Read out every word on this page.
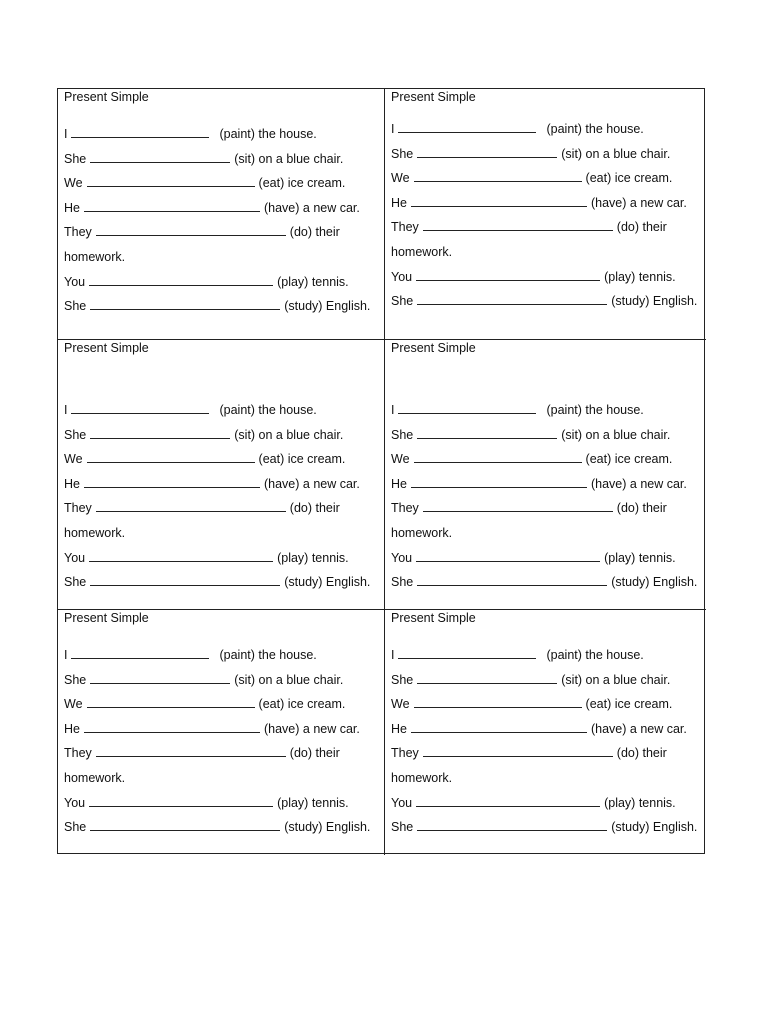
Present Simple
I	(paint) the house.
She	(sit) on a blue chair.
We	(eat) ice cream.
He	(have) a new car.
They	(do) their homework.
You	(play) tennis.
She	(study) English.
Present Simple
I	(paint) the house.
She	(sit) on a blue chair.
We	(eat) ice cream.
He	(have) a new car.
They	(do) their homework.
You	(play) tennis.
She	(study) English.
Present Simple
I	(paint) the house.
She	(sit) on a blue chair.
We	(eat) ice cream.
He	(have) a new car.
They	(do) their homework.
You	(play) tennis.
She	(study) English.
Present Simple
I	(paint) the house.
She	(sit) on a blue chair.
We	(eat) ice cream.
He	(have) a new car.
They	(do) their homework.
You	(play) tennis.
She	(study) English.
Present Simple
I	(paint) the house.
She	(sit) on a blue chair.
We	(eat) ice cream.
He	(have) a new car.
They	(do) their homework.
You	(play) tennis.
She	(study) English.
Present Simple
I	(paint) the house.
She	(sit) on a blue chair.
We	(eat) ice cream.
He	(have) a new car.
They	(do) their homework.
You	(play) tennis.
She	(study) English.
